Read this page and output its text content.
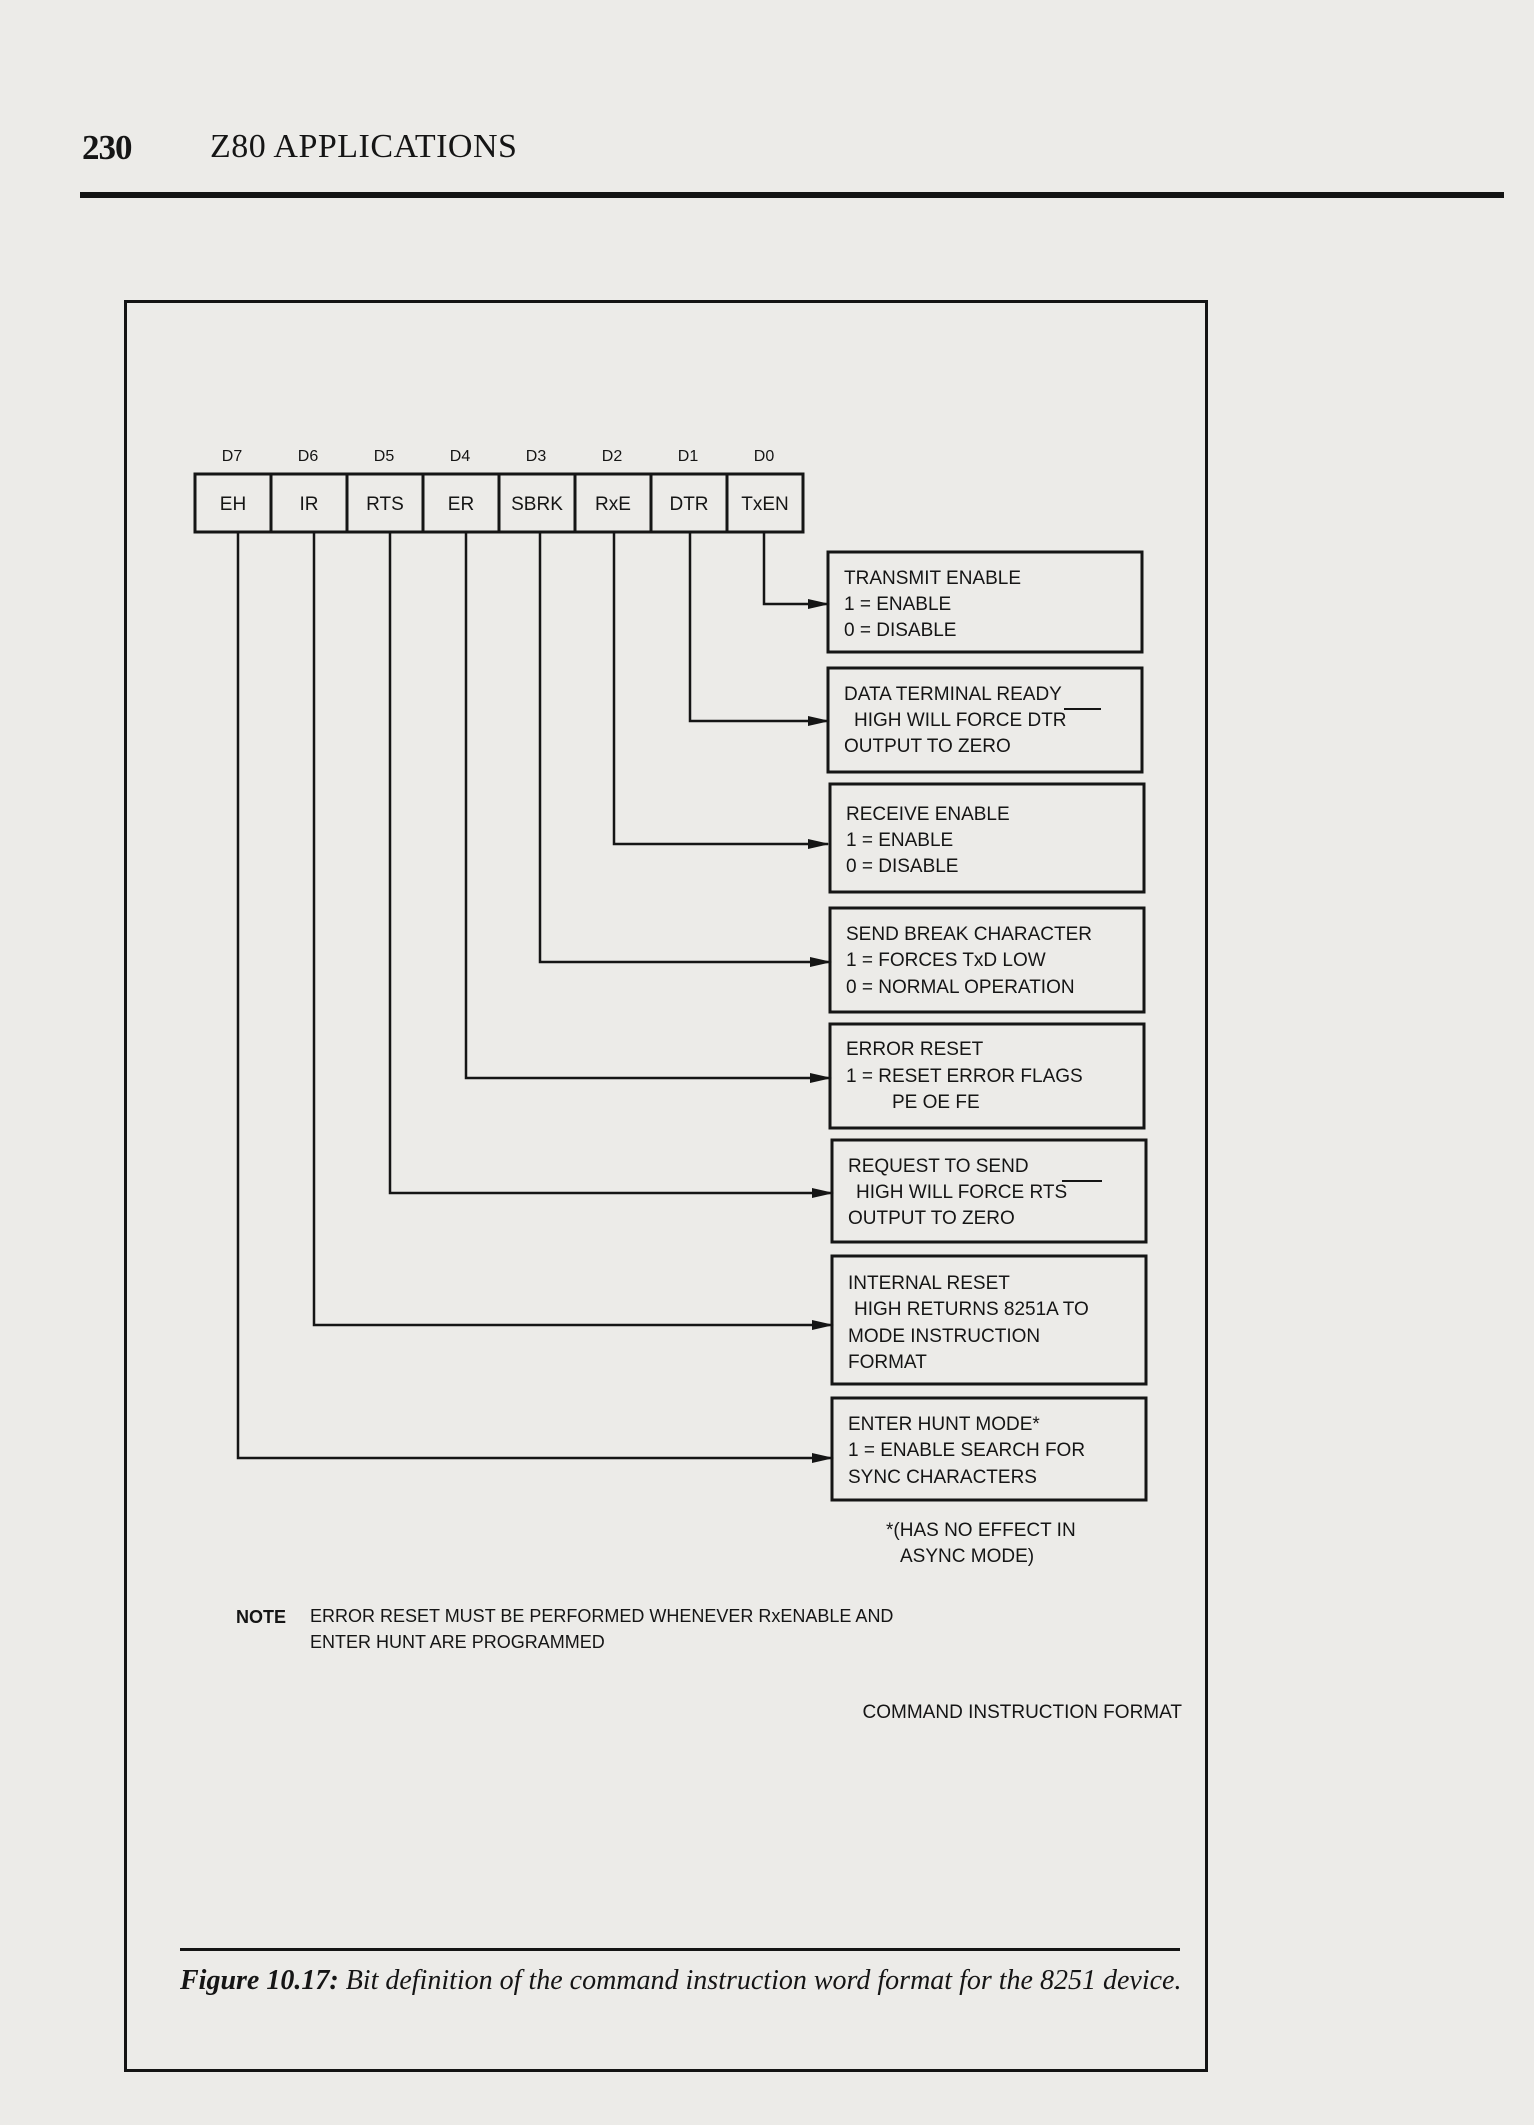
230 Z80 APPLICATIONS
D7	D6	D5	D4	D3	D2	D1	D0
EH	IR	RTS ER SBRK RxE DTR TxEN
TRANSMIT ENABLE
1 = ENABLE
0 = DISABLE
DATA TERMINAL READY
HIGH WILL FORCE DTR
OUTPUT TO ZERO
RECEIVE ENABLE
1 = ENABLE
0 = DISABLE
SEND BREAK CHARACTER
1 = FORCES TxD LOW
0 = NORMAL OPERATION
ERROR RESET
1 = RESET ERROR FLAGS
PE OE FE
REQUEST TO SEND
HIGH WILL FORCE RTS
OUTPUT TO ZERO
INTERNAL RESET
HIGH RETURNS 8251A TO
MODE INSTRUCTION
FORMAT
ENTER HUNT MODE*
1 = ENABLE SEARCH FOR
SYNC CHARACTERS
*(HAS NO EFFECT IN
ASYNC MODE)
NOTE ERROR RESET MUST BE PERFORMED WHENEVER RxENABLE AND
ENTER HUNT ARE PROGRAMMED
COMMAND INSTRUCTION FORMAT
Figure 10.17: Bit definition of the command instruction word format for the 8251 device.
